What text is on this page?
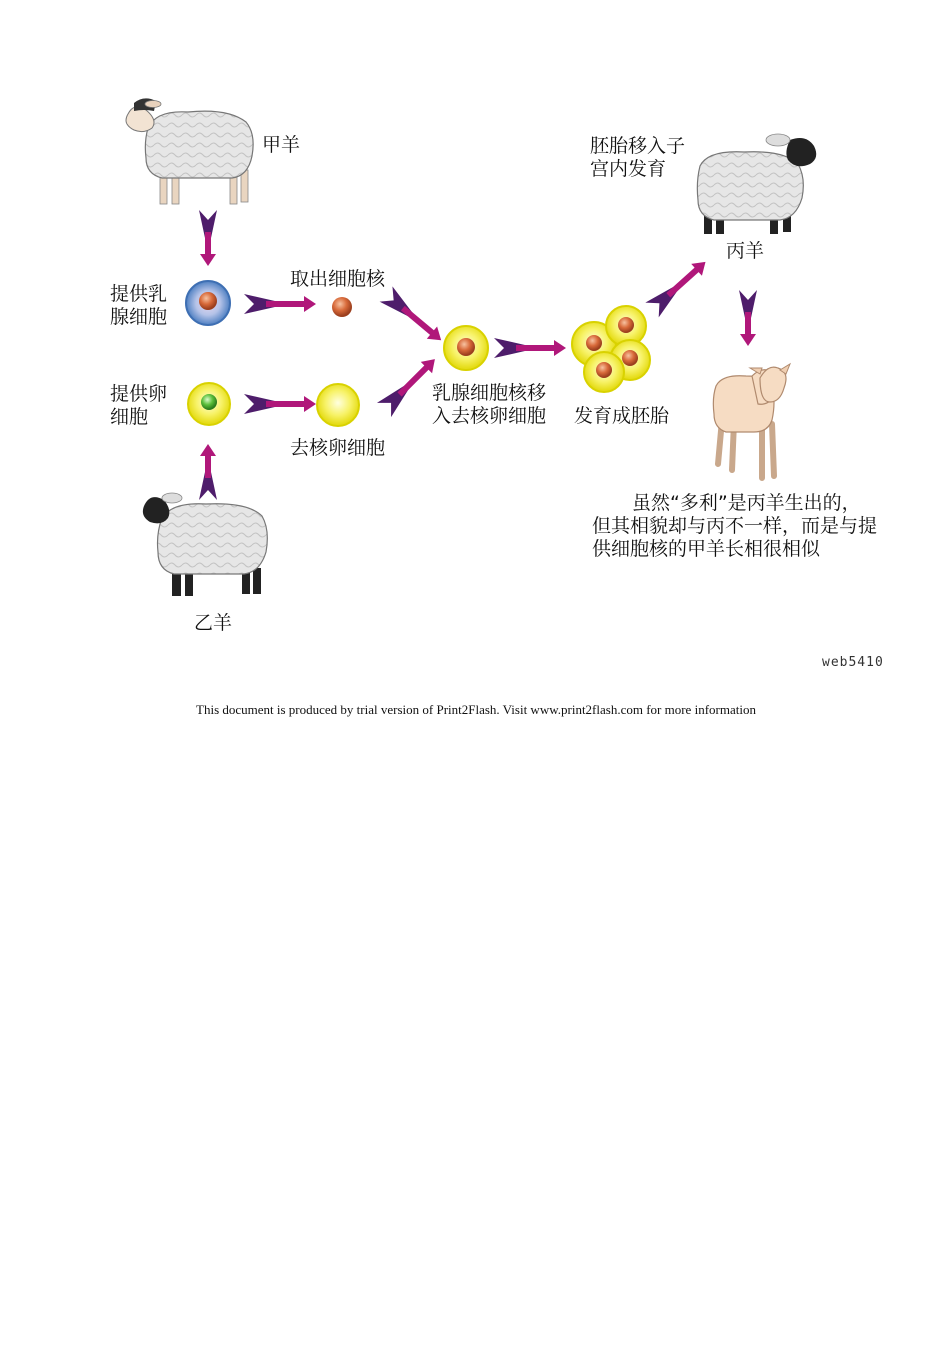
甲羊
乙羊
丙羊
提供乳
腺细胞
提供卵
细胞
取出细胞核
去核卵细胞
乳腺细胞核移
入去核卵细胞 发育成胚胎
胚胎移入子
宫内发育
虽然“多利”是丙羊生出的，
但其相貌却与丙不一样，而是与提
供细胞核的甲羊长相很相似
web5410
This document is produced by trial version of Print2Flash. Visit www.print2flash.com for more information
